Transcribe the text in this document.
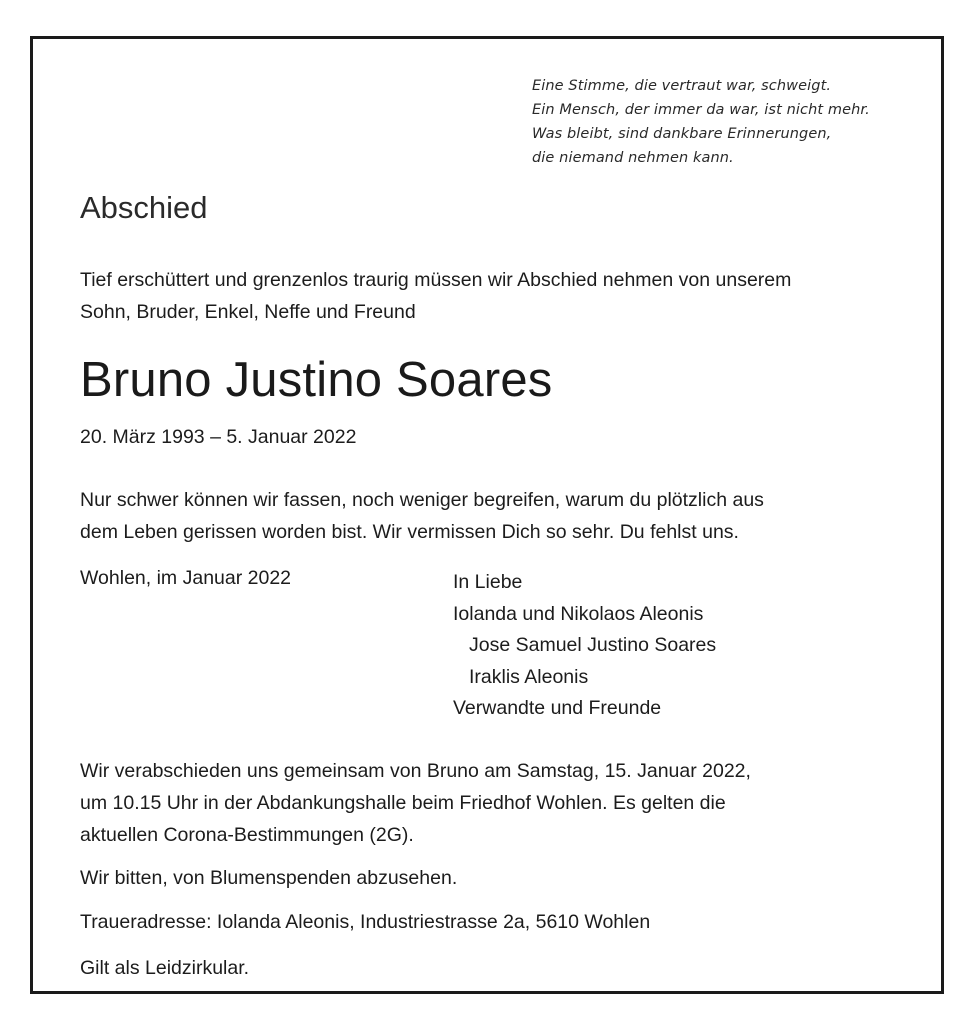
Eine Stimme, die vertraut war, schweigt.
Ein Mensch, der immer da war, ist nicht mehr.
Was bleibt, sind dankbare Erinnerungen,
die niemand nehmen kann.
Abschied
Tief erschüttert und grenzenlos traurig müssen wir Abschied nehmen von unserem
Sohn, Bruder, Enkel, Neffe und Freund
Bruno Justino Soares
20. März 1993 – 5. Januar 2022
Nur schwer können wir fassen, noch weniger begreifen, warum du plötzlich aus
dem Leben gerissen worden bist. Wir vermissen Dich so sehr. Du fehlst uns.
Wohlen, im Januar 2022	In Liebe
Iolanda und Nikolaos Aleonis
Jose Samuel Justino Soares
Iraklis Aleonis
Verwandte und Freunde
Wir verabschieden uns gemeinsam von Bruno am Samstag, 15. Januar 2022,
um 10.15 Uhr in der Abdankungshalle beim Friedhof Wohlen. Es gelten die
aktuellen Corona-Bestimmungen (2G).
Wir bitten, von Blumenspenden abzusehen.
Traueradresse: Iolanda Aleonis, Industriestrasse 2a, 5610 Wohlen
Gilt als Leidzirkular.
